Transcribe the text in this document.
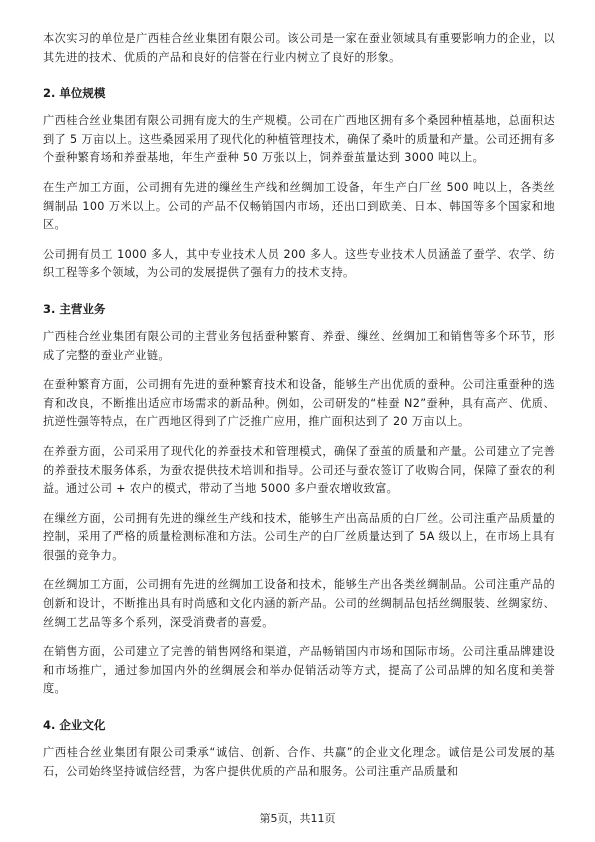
本次实习的单位是广西桂合丝业集团有限公司。该公司是一家在蚕业领域具有重要影响力的企业，以其先进的技术、优质的产品和良好的信誉在行业内树立了良好的形象。

2. 单位规模

广西桂合丝业集团有限公司拥有庞大的生产规模。公司在广西地区拥有多个桑园种植基地，总面积达到了 5 万亩以上。这些桑园采用了现代化的种植管理技术，确保了桑叶的质量和产量。公司还拥有多个蚕种繁育场和养蚕基地，年生产蚕种 50 万张以上，饲养蚕茧量达到 3000 吨以上。

在生产加工方面，公司拥有先进的缫丝生产线和丝绸加工设备，年生产白厂丝 500 吨以上，各类丝绸制品 100 万米以上。公司的产品不仅畅销国内市场，还出口到欧美、日本、韩国等多个国家和地区。

公司拥有员工 1000 多人，其中专业技术人员 200 多人。这些专业技术人员涵盖了蚕学、农学、纺织工程等多个领域，为公司的发展提供了强有力的技术支持。

3. 主营业务

广西桂合丝业集团有限公司的主营业务包括蚕种繁育、养蚕、缫丝、丝绸加工和销售等多个环节，形成了完整的蚕业产业链。

在蚕种繁育方面，公司拥有先进的蚕种繁育技术和设备，能够生产出优质的蚕种。公司注重蚕种的选育和改良，不断推出适应市场需求的新品种。例如，公司研发的“桂蚕 N2”蚕种，具有高产、优质、抗逆性强等特点，在广西地区得到了广泛推广应用，推广面积达到了 20 万亩以上。

在养蚕方面，公司采用了现代化的养蚕技术和管理模式，确保了蚕茧的质量和产量。公司建立了完善的养蚕技术服务体系，为蚕农提供技术培训和指导。公司还与蚕农签订了收购合同，保障了蚕农的利益。通过公司 + 农户的模式，带动了当地 5000 多户蚕农增收致富。

在缫丝方面，公司拥有先进的缫丝生产线和技术，能够生产出高品质的白厂丝。公司注重产品质量的控制，采用了严格的质量检测标准和方法。公司生产的白厂丝质量达到了 5A 级以上，在市场上具有很强的竞争力。

在丝绸加工方面，公司拥有先进的丝绸加工设备和技术，能够生产出各类丝绸制品。公司注重产品的创新和设计，不断推出具有时尚感和文化内涵的新产品。公司的丝绸制品包括丝绸服装、丝绸家纺、丝绸工艺品等多个系列，深受消费者的喜爱。

在销售方面，公司建立了完善的销售网络和渠道，产品畅销国内市场和国际市场。公司注重品牌建设和市场推广，通过参加国内外的丝绸展会和举办促销活动等方式，提高了公司品牌的知名度和美誉度。

4. 企业文化

广西桂合丝业集团有限公司秉承“诚信、创新、合作、共赢”的企业文化理念。诚信是公司发展的基石，公司始终坚持诚信经营，为客户提供优质的产品和服务。公司注重产品质量和

第5页，共11页
